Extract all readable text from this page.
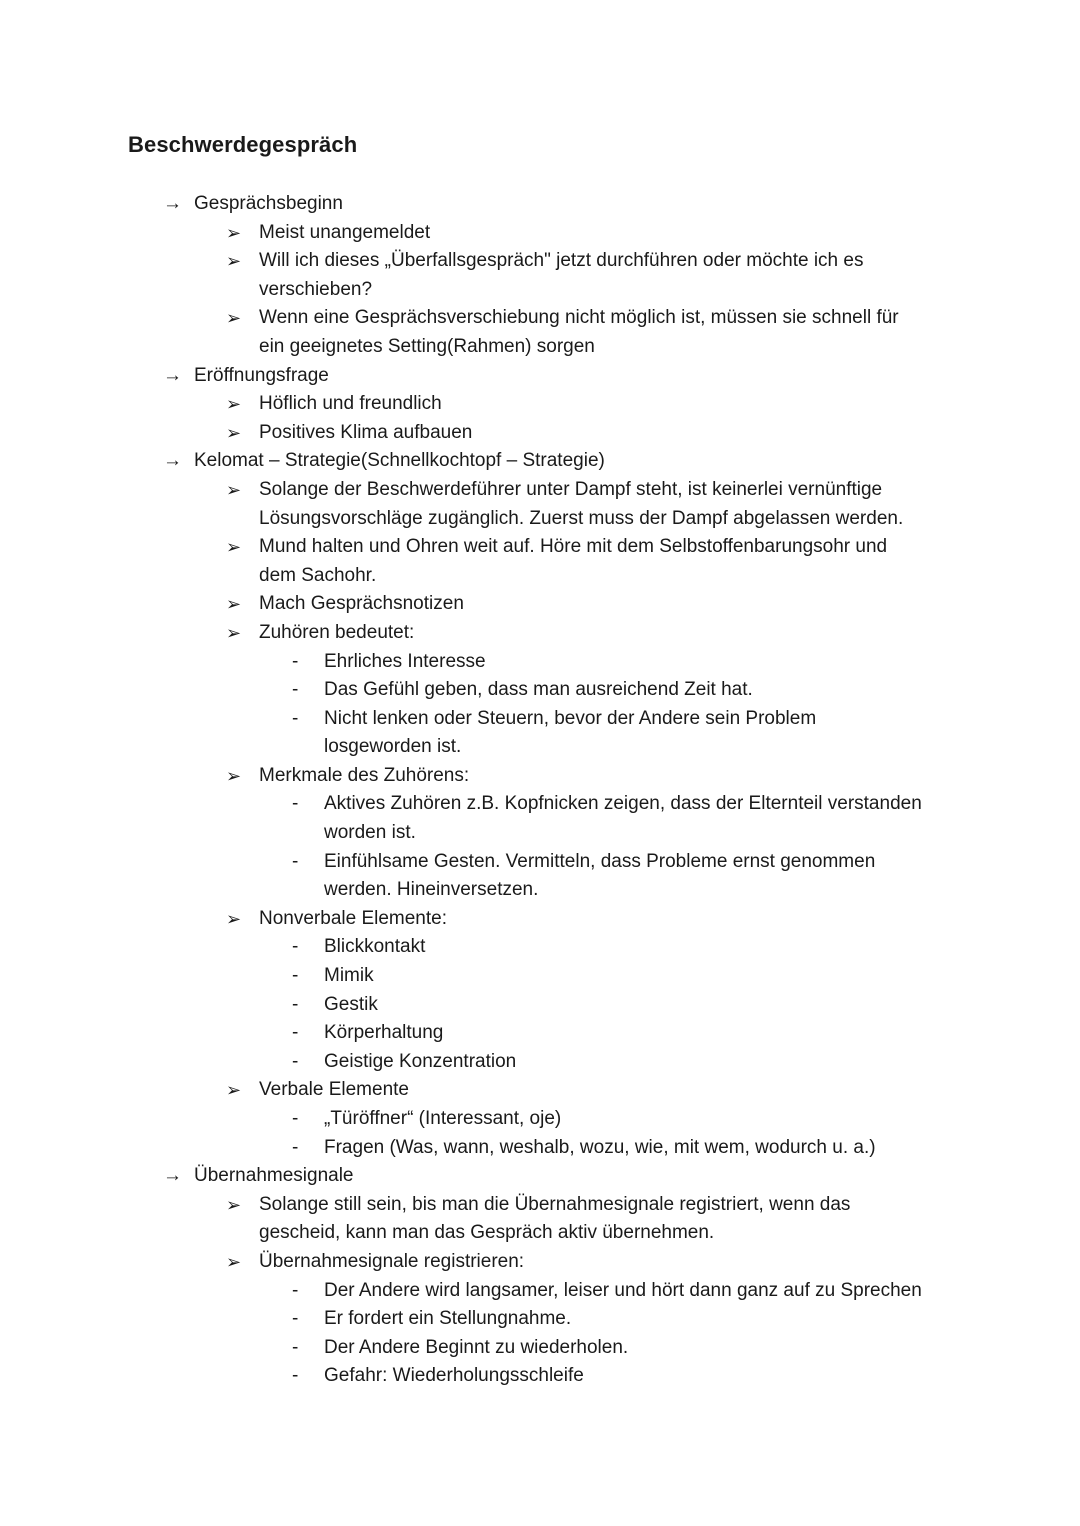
Beschwerdegespräch
→ Gesprächsbeginn
➢ Meist unangemeldet
➢ Will ich dieses „Überfallsgespräch" jetzt durchführen oder möchte ich es
verschieben?
➢ Wenn eine Gesprächsverschiebung nicht möglich ist, müssen sie schnell für
ein geeignetes Setting(Rahmen) sorgen
→ Eröffnungsfrage
➢ Höflich und freundlich
➢ Positives Klima aufbauen
→ Kelomat – Strategie(Schnellkochtopf – Strategie)
➢ Solange der Beschwerdeführer unter Dampf steht, ist keinerlei vernünftige
Lösungsvorschläge zugänglich. Zuerst muss der Dampf abgelassen werden.
➢ Mund halten und Ohren weit auf. Höre mit dem Selbstoffenbarungsohr und
dem Sachohr.
➢ Mach Gesprächsnotizen
➢ Zuhören bedeutet:
- Ehrliches Interesse
- Das Gefühl geben, dass man ausreichend Zeit hat.
- Nicht lenken oder Steuern, bevor der Andere sein Problem
losgeworden ist.
➢ Merkmale des Zuhörens:
- Aktives Zuhören z.B. Kopfnicken zeigen, dass der Elternteil verstanden
worden ist.
- Einfühlsame Gesten. Vermitteln, dass Probleme ernst genommen
werden. Hineinversetzen.
➢ Nonverbale Elemente:
- Blickkontakt
- Mimik
- Gestik
- Körperhaltung
- Geistige Konzentration
➢ Verbale Elemente
- „Türöffner“ (Interessant, oje)
- Fragen (Was, wann, weshalb, wozu, wie, mit wem, wodurch u. a.)
→ Übernahmesignale
➢ Solange still sein, bis man die Übernahmesignale registriert, wenn das
gescheid, kann man das Gespräch aktiv übernehmen.
➢ Übernahmesignale registrieren:
- Der Andere wird langsamer, leiser und hört dann ganz auf zu Sprechen
- Er fordert ein Stellungnahme.
- Der Andere Beginnt zu wiederholen.
- Gefahr: Wiederholungsschleife
